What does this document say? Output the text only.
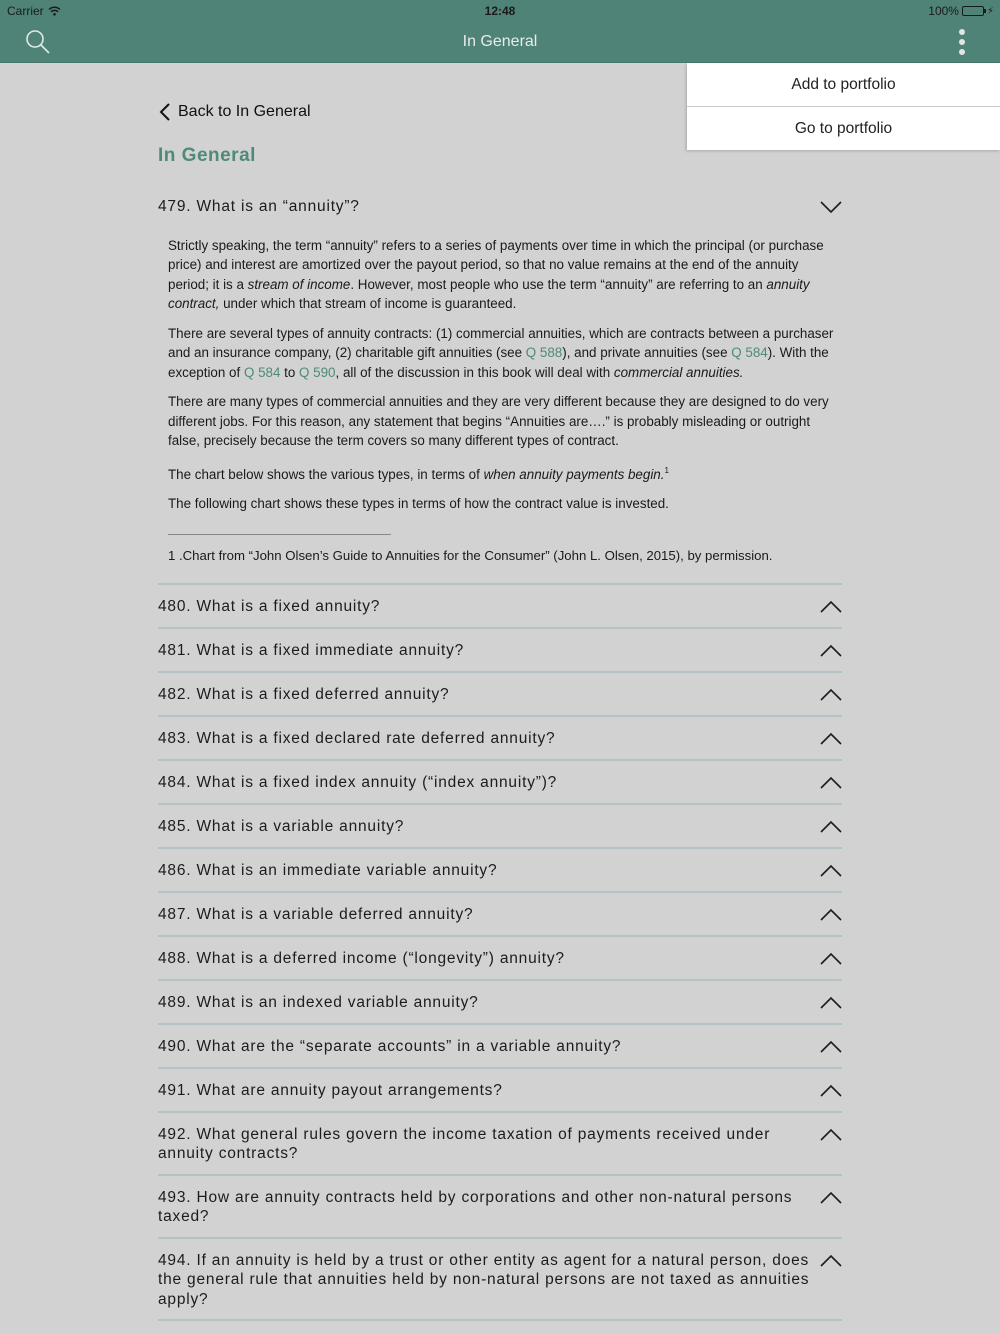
Carrier	12:48	100%	⚡︎
In General
Add to portfolio
Go to portfolio
Back to In General
In General
479. What is an “annuity”?

Strictly speaking, the term “annuity” refers to a series of payments over time in which the principal (or purchase price) and interest are amortized over the payout period, so that no value remains at the end of the annuity period; it is a stream of income. However, most people who use the term “annuity” are referring to an annuity contract, under which that stream of income is guaranteed.

There are several types of annuity contracts: (1) commercial annuities, which are contracts between a purchaser and an insurance company, (2) charitable gift annuities (see Q 588), and private annuities (see Q 584). With the exception of Q 584 to Q 590, all of the discussion in this book will deal with commercial annuities.

There are many types of commercial annuities and they are very different because they are designed to do very different jobs. For this reason, any statement that begins “Annuities are….” is probably misleading or outright false, precisely because the term covers so many different types of contract.

The chart below shows the various types, in terms of when annuity payments begin.$^1$

The following chart shows these types in terms of how the contract value is invested.

1 .Chart from “John Olsen’s Guide to Annuities for the Consumer” (John L. Olsen, 2015), by permission.
480. What is a fixed annuity?
481. What is a fixed immediate annuity?
482. What is a fixed deferred annuity?
483. What is a fixed declared rate deferred annuity?
484. What is a fixed index annuity (“index annuity”)?
485. What is a variable annuity?
486. What is an immediate variable annuity?
487. What is a variable deferred annuity?
488. What is a deferred income (“longevity”) annuity?
489. What is an indexed variable annuity?
490. What are the “separate accounts” in a variable annuity?
491. What are annuity payout arrangements?
492. What general rules govern the income taxation of payments received under annuity contracts?
493. How are annuity contracts held by corporations and other non-natural persons taxed?
494. If an annuity is held by a trust or other entity as agent for a natural person, does the general rule that annuities held by non-natural persons are not taxed as annuities apply?
